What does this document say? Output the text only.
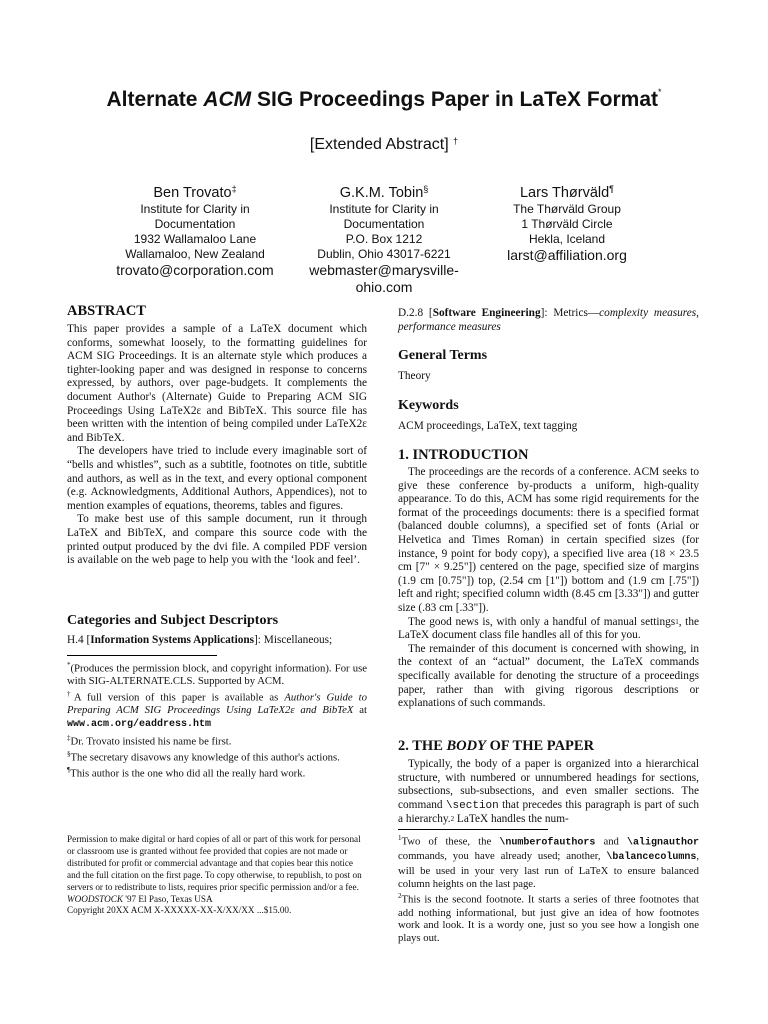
Alternate ACM SIG Proceedings Paper in LaTeX Format*
[Extended Abstract] †
Ben Trovato‡
Institute for Clarity in
Documentation
1932 Wallamaloo Lane
Wallamaloo, New Zealand
trovato@corporation.com
G.K.M. Tobin§
Institute for Clarity in
Documentation
P.O. Box 1212
Dublin, Ohio 43017-6221
webmaster@marysville-
ohio.com
Lars Thørväld¶
The Thørväld Group
1 Thørväld Circle
Hekla, Iceland
larst@affiliation.org
ABSTRACT

This paper provides a sample of a LaTeX document which conforms, somewhat loosely, to the formatting guidelines for ACM SIG Proceedings. It is an alternate style which produces a tighter-looking paper and was designed in response to concerns expressed, by authors, over page-budgets. It complements the document Author's (Alternate) Guide to Preparing ACM SIG Proceedings Using LaTeX2ε and BibTeX. This source file has been written with the intention of being compiled under LaTeX2ε and BibTeX.

The developers have tried to include every imaginable sort of “bells and whistles”, such as a subtitle, footnotes on title, subtitle and authors, as well as in the text, and every optional component (e.g. Acknowledgments, Additional Authors, Appendices), not to mention examples of equations, theorems, tables and figures.

To make best use of this sample document, run it through LaTeX and BibTeX, and compare this source code with the printed output produced by the dvi file. A compiled PDF version is available on the web page to help you with the ‘look and feel’.

Categories and Subject Descriptors
H.4 [Information Systems Applications]: Miscellaneous;

*(Produces the permission block, and copyright information). For use with SIG-ALTERNATE.CLS. Supported by ACM.

†A full version of this paper is available as Author's Guide to Preparing ACM SIG Proceedings Using LaTeX2ε and BibTeX at www.acm.org/eaddress.htm

‡Dr. Trovato insisted his name be first.

§The secretary disavows any knowledge of this author's actions.

¶This author is the one who did all the really hard work.

Permission to make digital or hard copies of all or part of this work for personal or classroom use is granted without fee provided that copies are not made or distributed for profit or commercial advantage and that copies bear this notice and the full citation on the first page. To copy otherwise, to republish, to post on servers or to redistribute to lists, requires prior specific permission and/or a fee.

WOODSTOCK '97 El Paso, Texas USA

Copyright 20XX ACM X-XXXXX-XX-X/XX/XX ...$15.00.

D.2.8 [Software Engineering]: Metrics—complexity measures, performance measures
General Terms
Theory
Keywords
ACM proceedings, LaTeX, text tagging
1. INTRODUCTION

The proceedings are the records of a conference. ACM seeks to give these conference by-products a uniform, high-quality appearance. To do this, ACM has some rigid requirements for the format of the proceedings documents: there is a specified format (balanced double columns), a specified set of fonts (Arial or Helvetica and Times Roman) in certain specified sizes (for instance, 9 point for body copy), a specified live area (18 × 23.5 cm [7" × 9.25"]) centered on the page, specified size of margins (1.9 cm [0.75"]) top, (2.54 cm [1"]) bottom and (1.9 cm [.75"]) left and right; specified column width (8.45 cm [3.33"]) and gutter size (.83 cm [.33"]).

The good news is, with only a handful of manual settings$^1$, the LaTeX document class file handles all of this for you.

The remainder of this document is concerned with showing, in the context of an “actual” document, the LaTeX commands specifically available for denoting the structure of a proceedings paper, rather than with giving rigorous descriptions or explanations of such commands.

2. THE BODY OF THE PAPER

Typically, the body of a paper is organized into a hierarchical structure, with numbered or unnumbered headings for sections, subsections, sub-subsections, and even smaller sections. The command \section that precedes this paragraph is part of such a hierarchy.$^2$ LaTeX handles the num-

$^1$Two of these, the \numberofauthors and \alignauthor commands, you have already used; another, \balancecolumns, will be used in your very last run of LaTeX to ensure balanced column heights on the last page.

$^2$This is the second footnote. It starts a series of three footnotes that add nothing informational, but just give an idea of how footnotes work and look. It is a wordy one, just so you see how a longish one plays out.
